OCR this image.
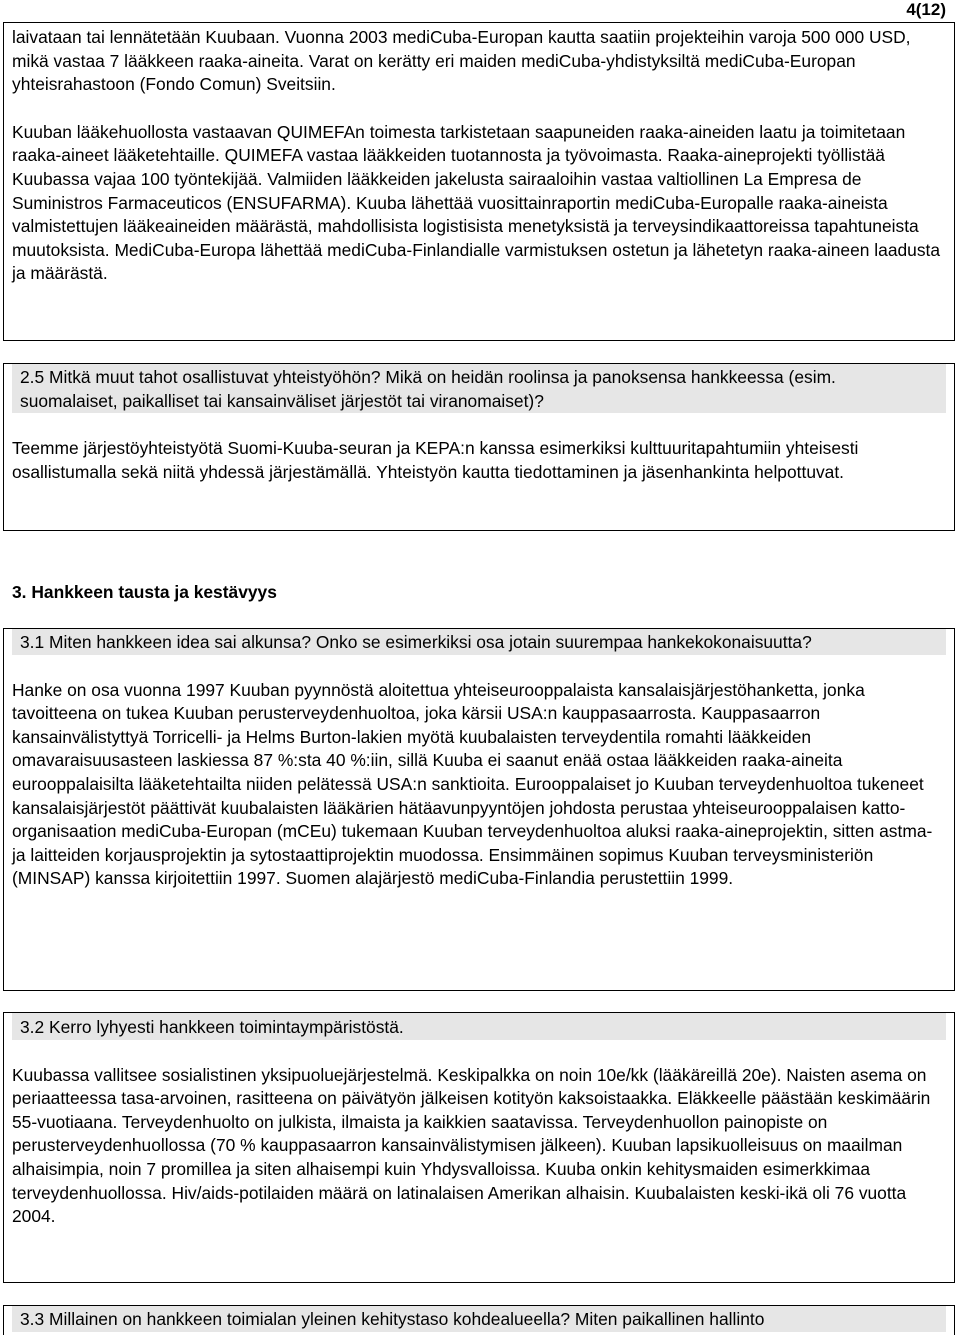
4(12)

laivataan tai lennätetään Kuubaan. Vuonna 2003 mediCuba-Europan kautta saatiin projekteihin varoja 500 000 USD, mikä vastaa 7 lääkkeen raaka-aineita. Varat on kerätty eri maiden mediCuba-yhdistyksiltä mediCuba-Europan yhteisrahastoon (Fondo Comun) Sveitsiin.

Kuuban lääkehuollosta vastaavan QUIMEFAn toimesta tarkistetaan saapuneiden raaka-aineiden laatu ja toimitetaan raaka-aineet lääketehtaille. QUIMEFA vastaa lääkkeiden tuotannosta ja työvoimasta. Raaka-aineprojekti työllistää Kuubassa vajaa 100 työntekijää. Valmiiden lääkkeiden jakelusta sairaaloihin vastaa valtiollinen La Empresa de Suministros Farmaceuticos (ENSUFARMA). Kuuba lähettää vuosittainraportin mediCuba-Europalle raaka-aineista valmistettujen lääkeaineiden määrästä, mahdollisista logistisista menetyksistä ja terveysindikaattoreissa tapahtuneista muutoksista. MediCuba-Europa lähettää mediCuba-Finlandialle varmistuksen ostetun ja lähetetyn raaka-aineen laadusta ja määrästä.

2.5 Mitkä muut tahot osallistuvat yhteistyöhön? Mikä on heidän roolinsa ja panoksensa hankkeessa (esim. suomalaiset, paikalliset tai kansainväliset järjestöt tai viranomaiset)?

Teemme järjestöyhteistyötä Suomi-Kuuba-seuran ja KEPA:n kanssa esimerkiksi kulttuuritapahtumiin yhteisesti osallistumalla sekä niitä yhdessä järjestämällä. Yhteistyön kautta tiedottaminen ja jäsenhankinta helpottuvat.

3. Hankkeen tausta ja kestävyys

3.1 Miten hankkeen idea sai alkunsa? Onko se esimerkiksi osa jotain suurempaa hankekokonaisuutta?

Hanke on osa vuonna 1997 Kuuban pyynnöstä aloitettua yhteiseurooppalaista kansalaisjärjestöhanketta, jonka tavoitteena on tukea Kuuban perusterveydenhuoltoa, joka kärsii USA:n kauppasaarrosta. Kauppasaarron kansainvälistyttyä Torricelli- ja Helms Burton-lakien myötä kuubalaisten terveydentila romahti lääkkeiden omavaraisuusasteen laskiessa 87 %:sta 40 %:iin, sillä Kuuba ei saanut enää ostaa lääkkeiden raaka-aineita eurooppalaisilta lääketehtailta niiden pelätessä USA:n sanktioita. Eurooppalaiset jo Kuuban terveydenhuoltoa tukeneet kansalaisjärjestöt päättivät kuubalaisten lääkärien hätäavunpyyntöjen johdosta perustaa yhteiseurooppalaisen katto-organisaation mediCuba-Europan (mCEu) tukemaan Kuuban terveydenhuoltoa aluksi raaka-aineprojektin, sitten astma- ja laitteiden korjausprojektin ja sytostaattiprojektin muodossa. Ensimmäinen sopimus Kuuban terveysministeriön (MINSAP) kanssa kirjoitettiin 1997. Suomen alajärjestö mediCuba-Finlandia perustettiin 1999.

3.2 Kerro lyhyesti hankkeen toimintaympäristöstä.

Kuubassa vallitsee sosialistinen yksipuoluejärjestelmä. Keskipalkka on noin 10e/kk (lääkäreillä 20e). Naisten asema on periaatteessa tasa-arvoinen, rasitteena on päivätyön jälkeisen kotityön kaksoistaakka. Eläkkeelle päästään keskimäärin 55-vuotiaana. Terveydenhuolto on julkista, ilmaista ja kaikkien saatavissa. Terveydenhuollon painopiste on perusterveydenhuollossa (70 % kauppasaarron kansainvälistymisen jälkeen). Kuuban lapsikuolleisuus on maailman alhaisimpia, noin 7 promillea ja siten alhaisempi kuin Yhdysvalloissa. Kuuba onkin kehitysmaiden esimerkkimaa terveydenhuollossa. Hiv/aids-potilaiden määrä on latinalaisen Amerikan alhaisin. Kuubalaisten keski-ikä oli 76 vuotta 2004.

3.3 Millainen on hankkeen toimialan yleinen kehitystaso kohdealueella? Miten paikallinen hallinto
